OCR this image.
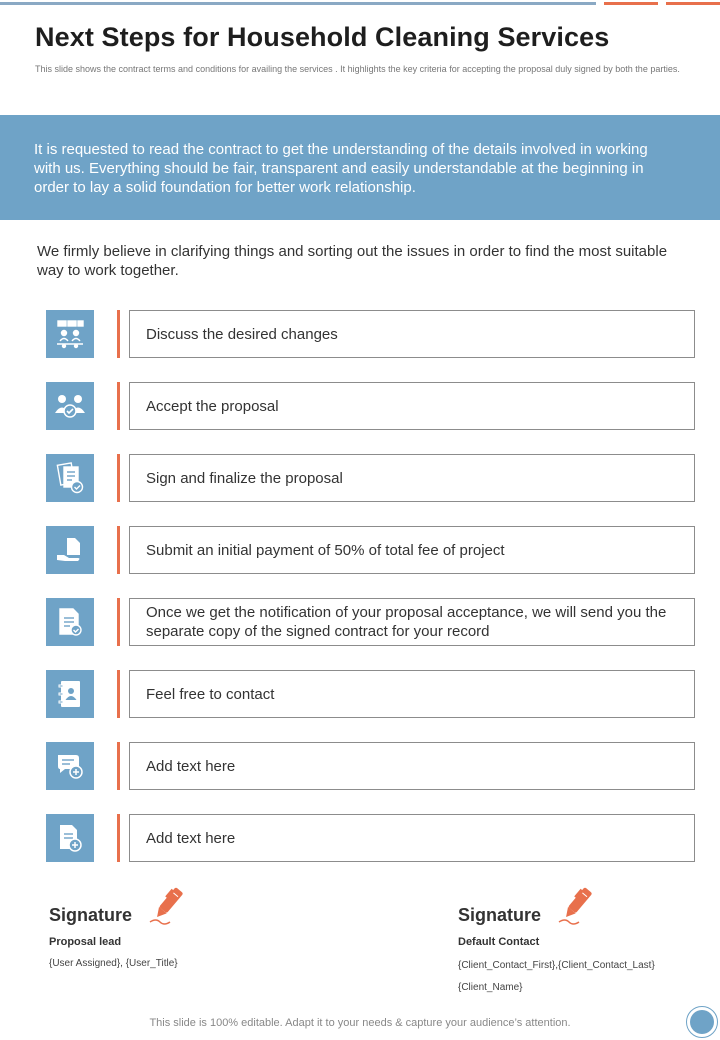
Next Steps for Household Cleaning Services
This slide shows the contract terms and conditions for availing the services . It highlights the key criteria for accepting the proposal duly signed by both the parties.

It is requested to read the contract to get the understanding of the details involved in working with us. Everything should be fair, transparent and easily understandable at the beginning in order to lay a solid foundation for better work relationship.

We firmly believe in clarifying things and sorting out the issues in order to find the most suitable way to work together.
Discuss the desired changes
Accept the proposal
Sign and finalize the proposal
Submit an initial payment of 50% of total fee of project
Once we get the notification of your proposal acceptance, we will send you the separate copy of the signed contract for your record
Feel free to contact
Add text here
Add text here
Signature
Proposal lead
{User Assigned}, {User_Title}
Signature
Default Contact
{Client_Contact_First},{Client_Contact_Last}
{Client_Name}
This slide is 100% editable. Adapt it to your needs & capture your audience’s attention.
